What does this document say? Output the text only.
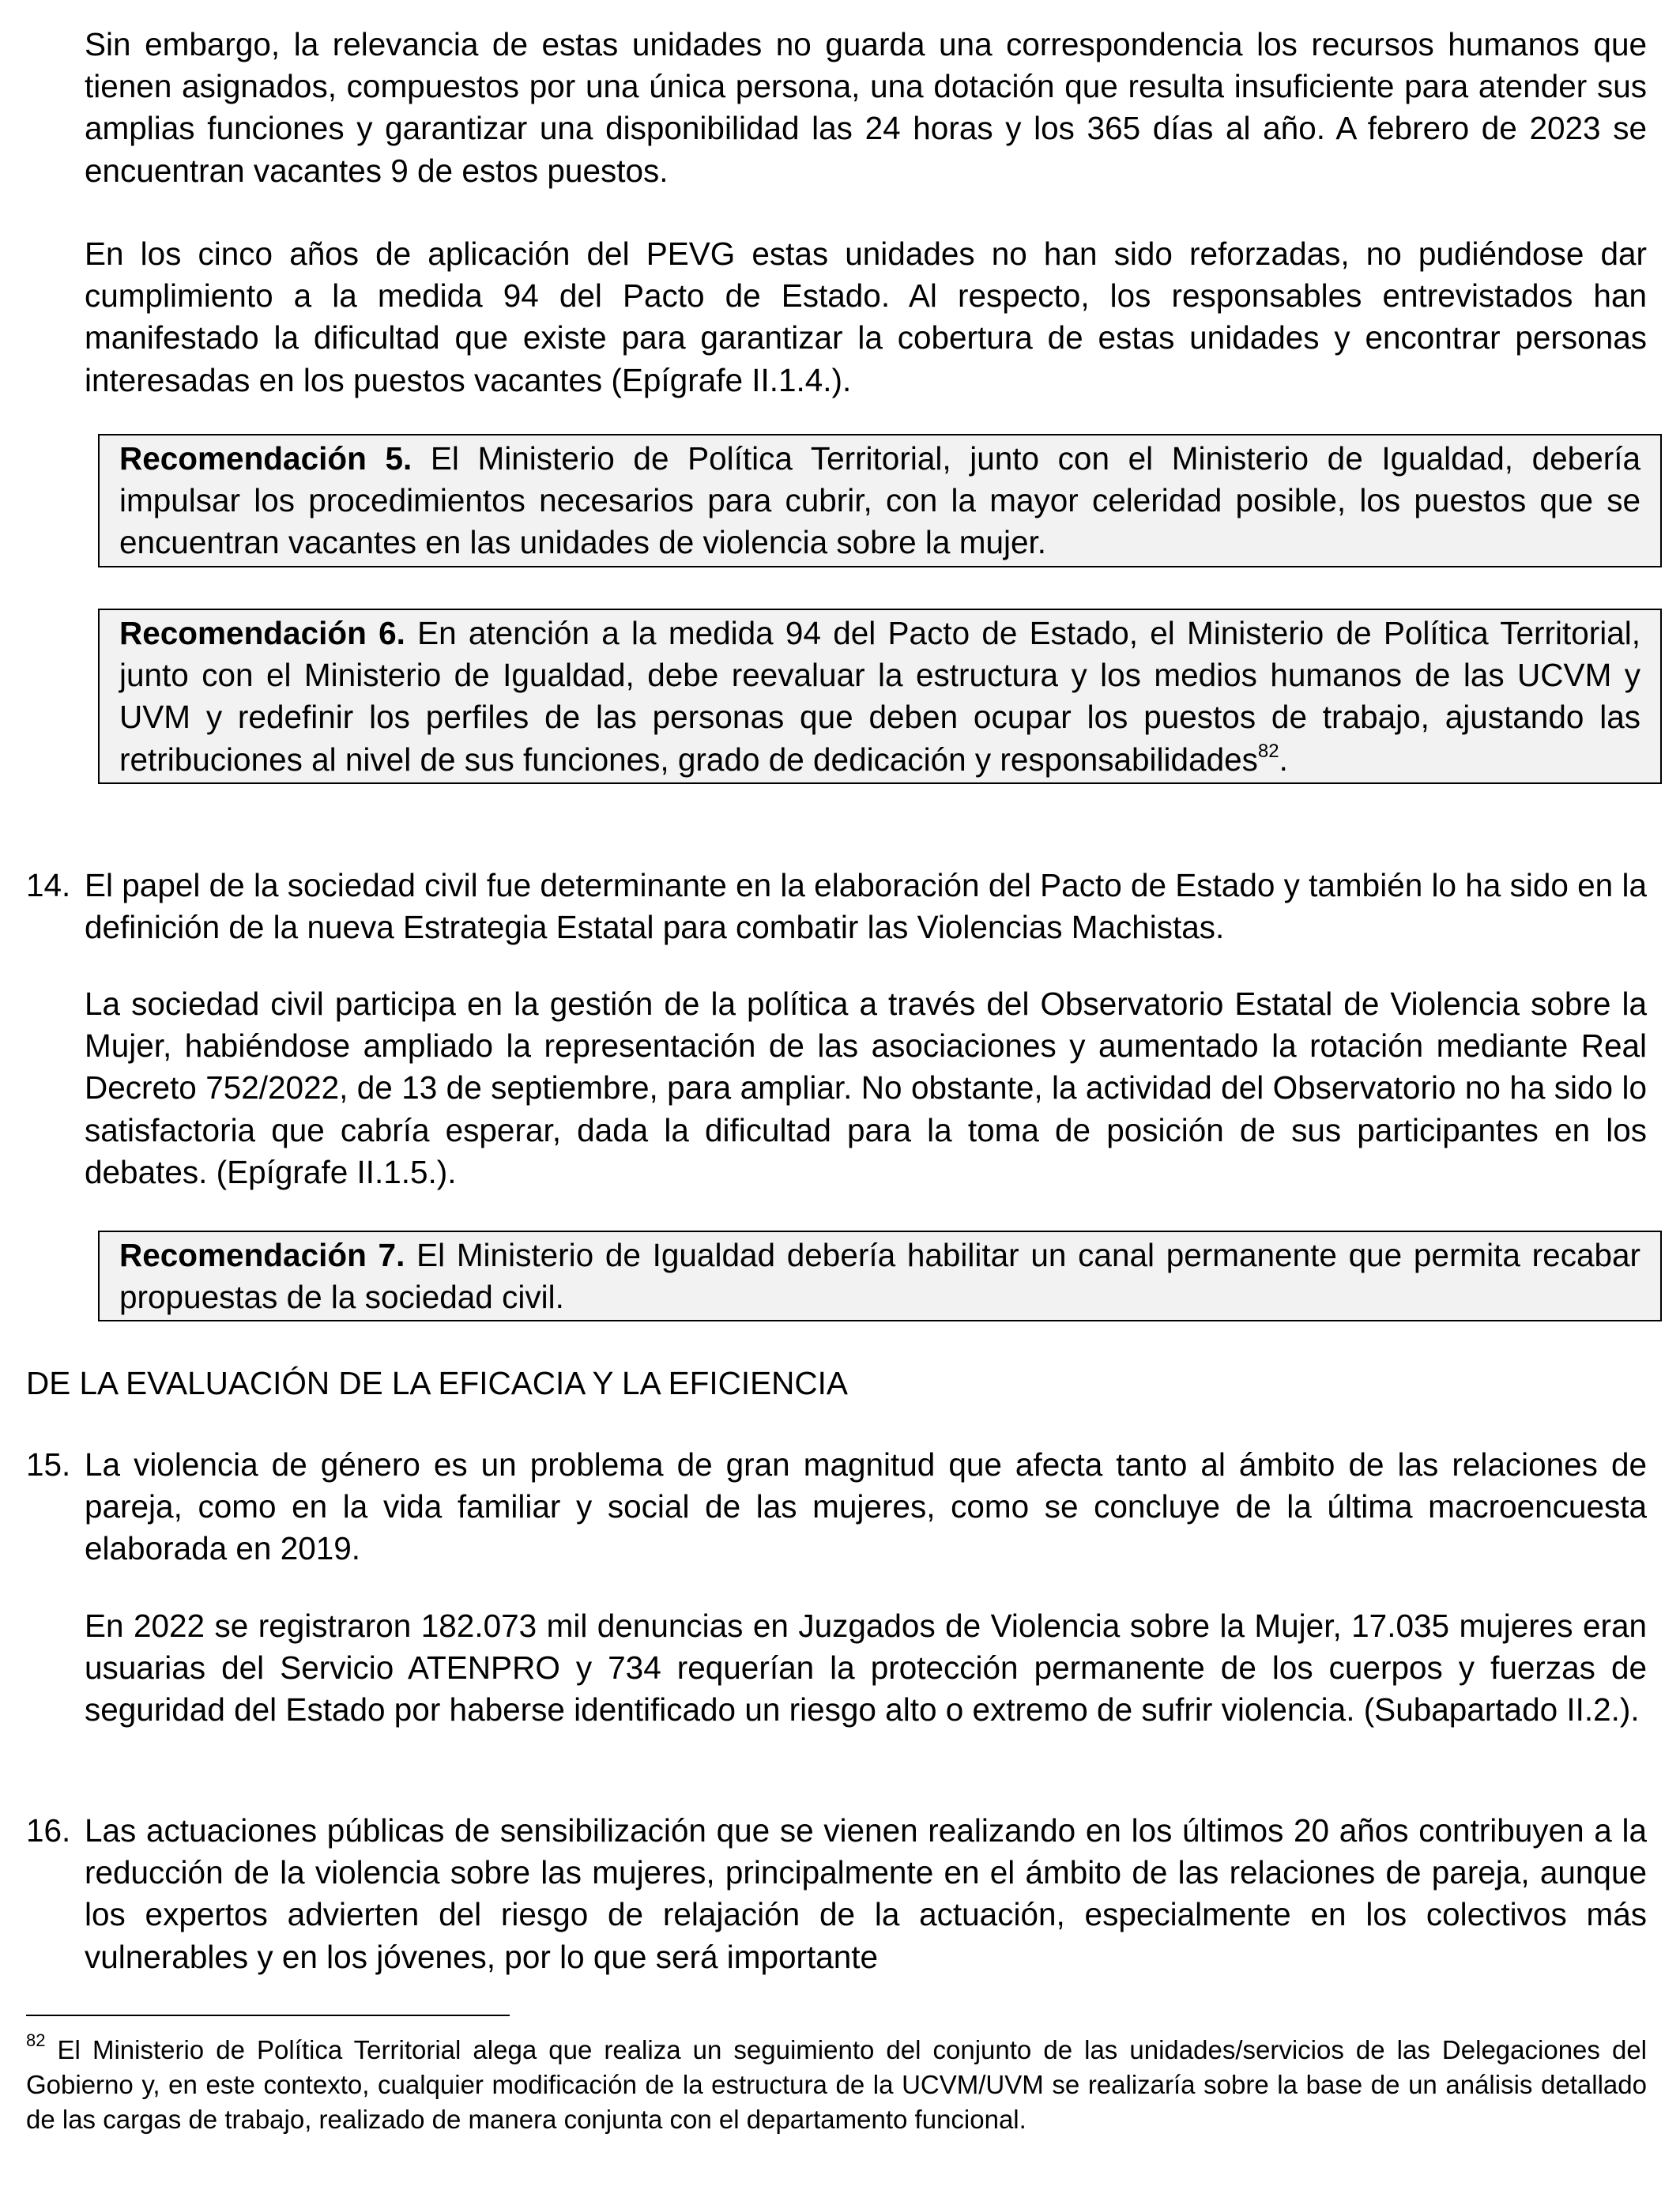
Sin embargo, la relevancia de estas unidades no guarda una correspondencia los recursos humanos que tienen asignados, compuestos por una única persona, una dotación que resulta insuficiente para atender sus amplias funciones y garantizar una disponibilidad las 24 horas y los 365 días al año. A febrero de 2023 se encuentran vacantes 9 de estos puestos.

En los cinco años de aplicación del PEVG estas unidades no han sido reforzadas, no pudiéndose dar cumplimiento a la medida 94 del Pacto de Estado. Al respecto, los responsables entrevistados han manifestado la dificultad que existe para garantizar la cobertura de estas unidades y encontrar personas interesadas en los puestos vacantes (Epígrafe II.1.4.).

Recomendación 5. El Ministerio de Política Territorial, junto con el Ministerio de Igualdad, debería impulsar los procedimientos necesarios para cubrir, con la mayor celeridad posible, los puestos que se encuentran vacantes en las unidades de violencia sobre la mujer.
Recomendación 6. En atención a la medida 94 del Pacto de Estado, el Ministerio de Política Territorial, junto con el Ministerio de Igualdad, debe reevaluar la estructura y los medios humanos de las UCVM y UVM y redefinir los perfiles de las personas que deben ocupar los puestos de trabajo, ajustando las retribuciones al nivel de sus funciones, grado de dedicación y responsabilidades$^{82}$.
14. El papel de la sociedad civil fue determinante en la elaboración del Pacto de Estado y también lo ha sido en la definición de la nueva Estrategia Estatal para combatir las Violencias Machistas.

La sociedad civil participa en la gestión de la política a través del Observatorio Estatal de Violencia sobre la Mujer, habiéndose ampliado la representación de las asociaciones y aumentado la rotación mediante Real Decreto 752/2022, de 13 de septiembre, para ampliar. No obstante, la actividad del Observatorio no ha sido lo satisfactoria que cabría esperar, dada la dificultad para la toma de posición de sus participantes en los debates. (Epígrafe II.1.5.).

Recomendación 7. El Ministerio de Igualdad debería habilitar un canal permanente que permita recabar propuestas de la sociedad civil.
DE LA EVALUACIÓN DE LA EFICACIA Y LA EFICIENCIA
15. La violencia de género es un problema de gran magnitud que afecta tanto al ámbito de las relaciones de pareja, como en la vida familiar y social de las mujeres, como se concluye de la última macroencuesta elaborada en 2019.

En 2022 se registraron 182.073 mil denuncias en Juzgados de Violencia sobre la Mujer, 17.035 mujeres eran usuarias del Servicio ATENPRO y 734 requerían la protección permanente de los cuerpos y fuerzas de seguridad del Estado por haberse identificado un riesgo alto o extremo de sufrir violencia. (Subapartado II.2.).

16. Las actuaciones públicas de sensibilización que se vienen realizando en los últimos 20 años contribuyen a la reducción de la violencia sobre las mujeres, principalmente en el ámbito de las relaciones de pareja, aunque los expertos advierten del riesgo de relajación de la actuación, especialmente en los colectivos más vulnerables y en los jóvenes, por lo que será importante

$^{82}$ El Ministerio de Política Territorial alega que realiza un seguimiento del conjunto de las unidades/servicios de las Delegaciones del Gobierno y, en este contexto, cualquier modificación de la estructura de la UCVM/UVM se realizaría sobre la base de un análisis detallado de las cargas de trabajo, realizado de manera conjunta con el departamento funcional.
